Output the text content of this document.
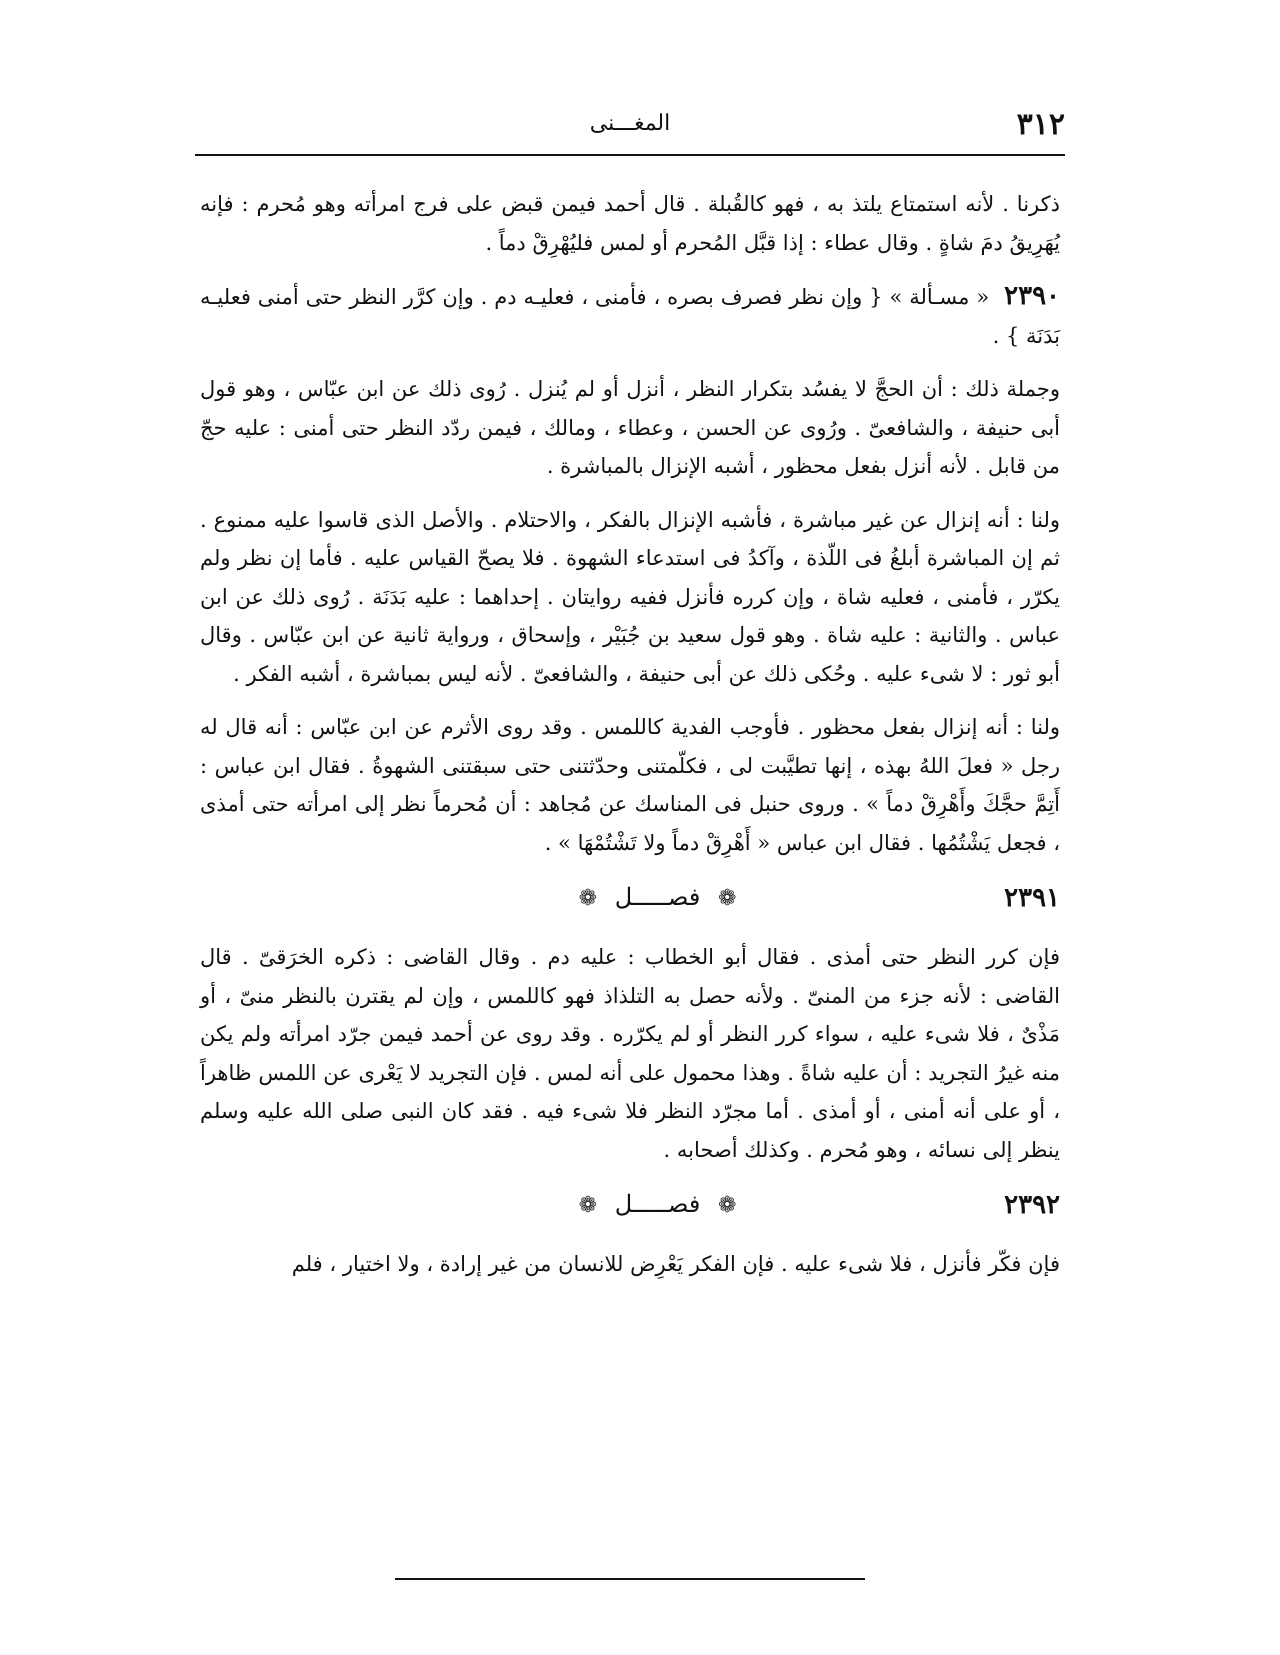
٣١٢
المغـــنى

ذكرنا . لأنه استمتاع يلتذ به ، فهو كالقُبلة . قال أحمد فيمن قبض على فرج امرأته وهو مُحرم : فإنه يُهَرِيقُ دمَ شاةٍ . وقال عطاء : إذا قبَّل المُحرم أو لمس فليُهْرِقْ دماً .

٢٣٩٠ « مسـألة » { وإن نظر فصرف بصره ، فأمنى ، فعليـه دم . وإن كرَّر النظر حتى أمنى فعليـه بَدَنَة } .

وجملة ذلك : أن الحجَّ لا يفسُد بتكرار النظر ، أنزل أو لم يُنزل . رُوى ذلك عن ابن عبّاس ، وهو قول أبى حنيفة ، والشافعىّ . ورُوى عن الحسن ، وعطاء ، ومالك ، فيمن ردّد النظر حتى أمنى : عليه حجّ من قابل . لأنه أنزل بفعل محظور ، أشبه الإنزال بالمباشرة .

ولنا : أنه إنزال عن غير مباشرة ، فأشبه الإنزال بالفكر ، والاحتلام . والأصل الذى قاسوا عليه ممنوع . ثم إن المباشرة أبلغُ فى اللّذة ، وآكدُ فى استدعاء الشهوة . فلا يصحّ القياس عليه . فأما إن نظر ولم يكرّر ، فأمنى ، فعليه شاة ، وإن كرره فأنزل ففيه روايتان . إحداهما : عليه بَدَنَة . رُوى ذلك عن ابن عباس . والثانية : عليه شاة . وهو قول سعيد بن جُبَيْر ، وإسحاق ، ورواية ثانية عن ابن عبّاس . وقال أبو ثور : لا شىء عليه . وحُكى ذلك عن أبى حنيفة ، والشافعىّ . لأنه ليس بمباشرة ، أشبه الفكر .

ولنا : أنه إنزال بفعل محظور . فأوجب الفدية كاللمس . وقد روى الأثرم عن ابن عبّاس : أنه قال له رجل « فعلَ اللهُ بهذه ، إنها تطيَّبت لى ، فكلّمتنى وحدّثتنى حتى سبقتنى الشهوةُ . فقال ابن عباس : أَتِمَّ حجَّكَ وأَهْرِقْ دماً » . وروى حنبل فى المناسك عن مُجاهد : أن مُحرماً نظر إلى امرأته حتى أمذى ، فجعل يَشْتُمُها . فقال ابن عباس « أَهْرِقْ دماً ولا تَشْتُمْهَا » .

٢٣٩١
❁ فصـــــل ❁

فإن كرر النظر حتى أمذى . فقال أبو الخطاب : عليه دم . وقال القاضى : ذكره الخرَقىّ . قال القاضى : لأنه جزء من المنىّ . ولأنه حصل به التلذاذ فهو كاللمس ، وإن لم يقترن بالنظر منىّ ، أو مَذْىٌ ، فلا شىء عليه ، سواء كرر النظر أو لم يكرّره . وقد روى عن أحمد فيمن جرّد امرأته ولم يكن منه غيرُ التجريد : أن عليه شاةً . وهذا محمول على أنه لمس . فإن التجريد لا يَعْرى عن اللمس ظاهراً ، أو على أنه أمنى ، أو أمذى . أما مجرّد النظر فلا شىء فيه . فقد كان النبى صلى الله عليه وسلم ينظر إلى نسائه ، وهو مُحرم . وكذلك أصحابه .

٢٣٩٢
❁ فصـــــل ❁

فإن فكّر فأنزل ، فلا شىء عليه . فإن الفكر يَعْرِض للانسان من غير إرادة ، ولا اختيار ، فلم
